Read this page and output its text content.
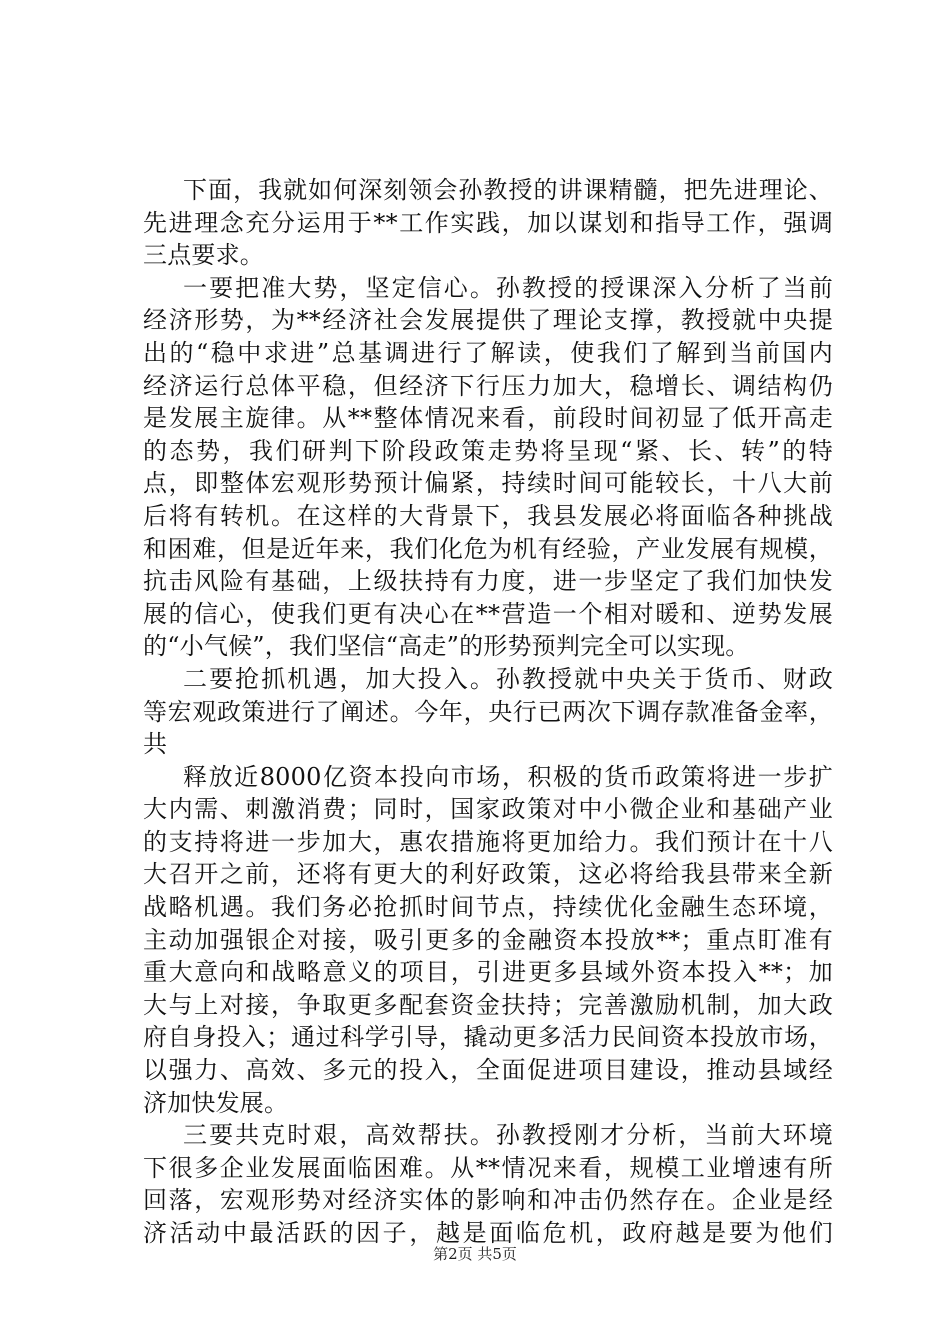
下面，我就如何深刻领会孙教授的讲课精髓，把先进理论、
先进理念充分运用于**工作实践，加以谋划和指导工作，强调
三点要求。
一要把准大势，坚定信心。孙教授的授课深入分析了当前
经济形势，为**经济社会发展提供了理论支撑，教授就中央提
出的“稳中求进”总基调进行了解读，使我们了解到当前国内
经济运行总体平稳，但经济下行压力加大，稳增长、调结构仍
是发展主旋律。从**整体情况来看，前段时间初显了低开高走
的态势，我们研判下阶段政策走势将呈现“紧、长、转”的特
点，即整体宏观形势预计偏紧，持续时间可能较长，十八大前
后将有转机。在这样的大背景下，我县发展必将面临各种挑战
和困难，但是近年来，我们化危为机有经验，产业发展有规模，
抗击风险有基础，上级扶持有力度，进一步坚定了我们加快发
展的信心，使我们更有决心在**营造一个相对暖和、逆势发展
的“小气候”，我们坚信“高走”的形势预判完全可以实现。
二要抢抓机遇，加大投入。孙教授就中央关于货币、财政
等宏观政策进行了阐述。今年，央行已两次下调存款准备金率，
共
释放近8000亿资本投向市场，积极的货币政策将进一步扩
大内需、刺激消费；同时，国家政策对中小微企业和基础产业
的支持将进一步加大，惠农措施将更加给力。我们预计在十八
大召开之前，还将有更大的利好政策，这必将给我县带来全新
战略机遇。我们务必抢抓时间节点，持续优化金融生态环境，
主动加强银企对接，吸引更多的金融资本投放**；重点盯准有
重大意向和战略意义的项目，引进更多县域外资本投入**；加
大与上对接，争取更多配套资金扶持；完善激励机制，加大政
府自身投入；通过科学引导，撬动更多活力民间资本投放市场，
以强力、高效、多元的投入，全面促进项目建设，推动县域经
济加快发展。
三要共克时艰，高效帮扶。孙教授刚才分析，当前大环境
下很多企业发展面临困难。从**情况来看，规模工业增速有所
回落，宏观形势对经济实体的影响和冲击仍然存在。企业是经
济活动中最活跃的因子，越是面临危机，政府越是要为他们
第2页 共5页
